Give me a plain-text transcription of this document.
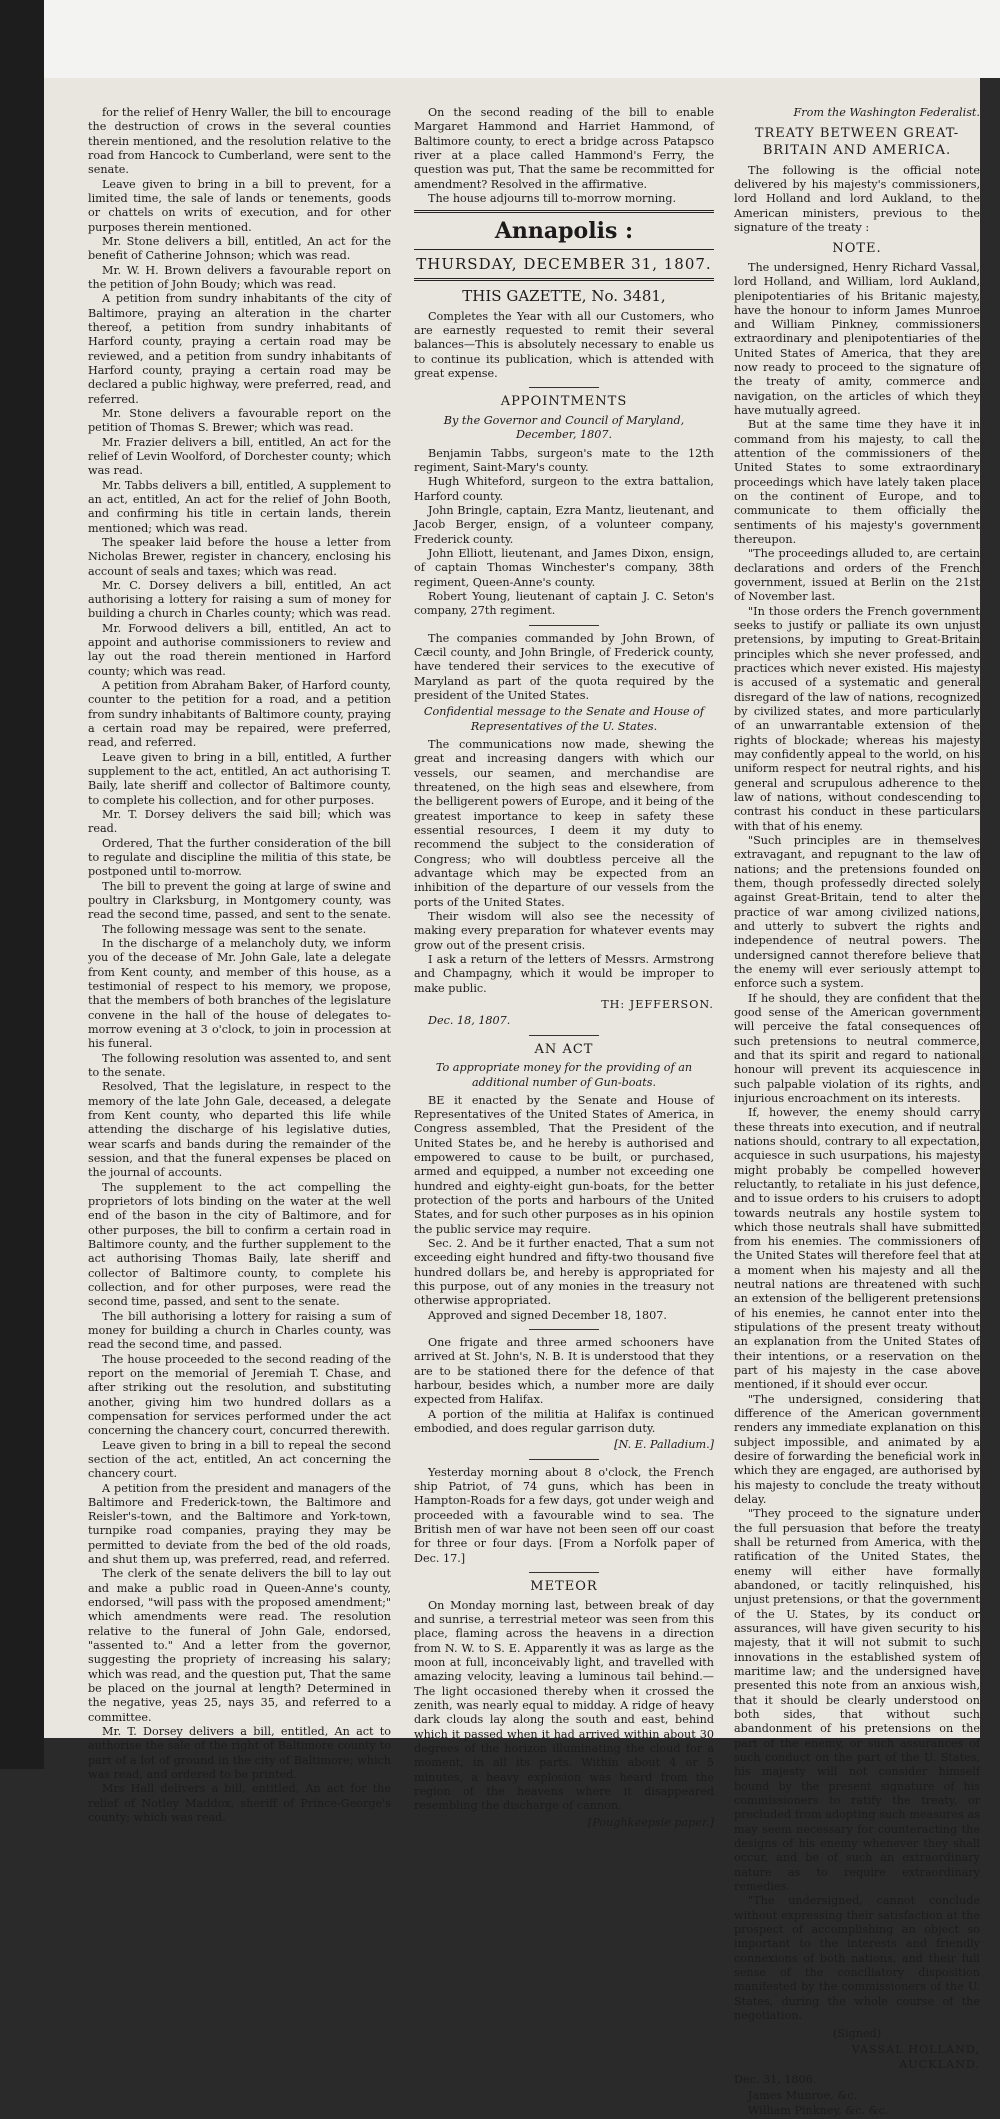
for the relief of Henry Waller, the bill to encourage the destruction of crows in the several counties therein mentioned, and the resolution relative to the road from Hancock to Cumberland, were sent to the senate.

Leave given to bring in a bill to prevent, for a limited time, the sale of lands or tenements, goods or chattels on writs of execution, and for other purposes therein mentioned.

Mr. Stone delivers a bill, entitled, An act for the benefit of Catherine Johnson; which was read.

Mr. W. H. Brown delivers a favourable report on the petition of John Boudy; which was read.

A petition from sundry inhabitants of the city of Baltimore, praying an alteration in the charter thereof, a petition from sundry inhabitants of Harford county, praying a certain road may be reviewed, and a petition from sundry inhabitants of Harford county, praying a certain road may be declared a public highway, were preferred, read, and referred.

Mr. Stone delivers a favourable report on the petition of Thomas S. Brewer; which was read.

Mr. Frazier delivers a bill, entitled, An act for the relief of Levin Woolford, of Dorchester county; which was read.

Mr. Tabbs delivers a bill, entitled, A supplement to an act, entitled, An act for the relief of John Booth, and confirming his title in certain lands, therein mentioned; which was read.

The speaker laid before the house a letter from Nicholas Brewer, register in chancery, enclosing his account of seals and taxes; which was read.

Mr. C. Dorsey delivers a bill, entitled, An act authorising a lottery for raising a sum of money for building a church in Charles county; which was read.

Mr. Forwood delivers a bill, entitled, An act to appoint and authorise commissioners to review and lay out the road therein mentioned in Harford county; which was read.

A petition from Abraham Baker, of Harford county, counter to the petition for a road, and a petition from sundry inhabitants of Baltimore county, praying a certain road may be repaired, were preferred, read, and referred.

Leave given to bring in a bill, entitled, A further supplement to the act, entitled, An act authorising T. Baily, late sheriff and collector of Baltimore county, to complete his collection, and for other purposes.

Mr. T. Dorsey delivers the said bill; which was read.

Ordered, That the further consideration of the bill to regulate and discipline the militia of this state, be postponed until to-morrow.

The bill to prevent the going at large of swine and poultry in Clarksburg, in Montgomery county, was read the second time, passed, and sent to the senate.

The following message was sent to the senate.

In the discharge of a melancholy duty, we inform you of the decease of Mr. John Gale, late a delegate from Kent county, and member of this house, as a testimonial of respect to his memory, we propose, that the members of both branches of the legislature convene in the hall of the house of delegates to-morrow evening at 3 o'clock, to join in procession at his funeral.

The following resolution was assented to, and sent to the senate.

Resolved, That the legislature, in respect to the memory of the late John Gale, deceased, a delegate from Kent county, who departed this life while attending the discharge of his legislative duties, wear scarfs and bands during the remainder of the session, and that the funeral expenses be placed on the journal of accounts.

The supplement to the act compelling the proprietors of lots binding on the water at the well end of the bason in the city of Baltimore, and for other purposes, the bill to confirm a certain road in Baltimore county, and the further supplement to the act authorising Thomas Baily, late sheriff and collector of Baltimore county, to complete his collection, and for other purposes, were read the second time, passed, and sent to the senate.

The bill authorising a lottery for raising a sum of money for building a church in Charles county, was read the second time, and passed.

The house proceeded to the second reading of the report on the memorial of Jeremiah T. Chase, and after striking out the resolution, and substituting another, giving him two hundred dollars as a compensation for services performed under the act concerning the chancery court, concurred therewith.

Leave given to bring in a bill to repeal the second section of the act, entitled, An act concerning the chancery court.

A petition from the president and managers of the Baltimore and Frederick-town, the Baltimore and Reisler's-town, and the Baltimore and York-town, turnpike road companies, praying they may be permitted to deviate from the bed of the old roads, and shut them up, was preferred, read, and referred.

The clerk of the senate delivers the bill to lay out and make a public road in Queen-Anne's county, endorsed, "will pass with the proposed amendment;" which amendments were read. The resolution relative to the funeral of John Gale, endorsed, "assented to." And a letter from the governor, suggesting the propriety of increasing his salary; which was read, and the question put, That the same be placed on the journal at length? Determined in the negative, yeas 25, nays 35, and referred to a committee.

Mr. T. Dorsey delivers a bill, entitled, An act to authorise the sale of the right of Baltimore county to part of a lot of ground in the city of Baltimore; which was read, and ordered to be printed.

Mrs Hall delivers a bill, entitled, An act for the relief of Notley Maddox, sheriff of Prince-George's county; which was read.

On the second reading of the bill to enable Margaret Hammond and Harriet Hammond, of Baltimore county, to erect a bridge across Patapsco river at a place called Hammond's Ferry, the question was put, That the same be recommitted for amendment? Resolved in the affirmative.

The house adjourns till to-morrow morning.

Annapolis :
THURSDAY, DECEMBER 31, 1807.
THIS GAZETTE, No. 3481,

Completes the Year with all our Customers, who are earnestly requested to remit their several balances—This is absolutely necessary to enable us to continue its publication, which is attended with great expense.

APPOINTMENTS
By the Governor and Council of Maryland, December, 1807.

Benjamin Tabbs, surgeon's mate to the 12th regiment, Saint-Mary's county.

Hugh Whiteford, surgeon to the extra battalion, Harford county.

John Bringle, captain, Ezra Mantz, lieutenant, and Jacob Berger, ensign, of a volunteer company, Frederick county.

John Elliott, lieutenant, and James Dixon, ensign, of captain Thomas Winchester's company, 38th regiment, Queen-Anne's county.

Robert Young, lieutenant of captain J. C. Seton's company, 27th regiment.

The companies commanded by John Brown, of Cæcil county, and John Bringle, of Frederick county, have tendered their services to the executive of Maryland as part of the quota required by the president of the United States.

Confidential message to the Senate and House of Representatives of the U. States.

The communications now made, shewing the great and increasing dangers with which our vessels, our seamen, and merchandise are threatened, on the high seas and elsewhere, from the belligerent powers of Europe, and it being of the greatest importance to keep in safety these essential resources, I deem it my duty to recommend the subject to the consideration of Congress; who will doubtless perceive all the advantage which may be expected from an inhibition of the departure of our vessels from the ports of the United States.

Their wisdom will also see the necessity of making every preparation for whatever events may grow out of the present crisis.

I ask a return of the letters of Messrs. Armstrong and Champagny, which it would be improper to make public.

TH: JEFFERSON.

Dec. 18, 1807.

AN ACT
To appropriate money for the providing of an additional number of Gun-boats.

BE it enacted by the Senate and House of Representatives of the United States of America, in Congress assembled, That the President of the United States be, and he hereby is authorised and empowered to cause to be built, or purchased, armed and equipped, a number not exceeding one hundred and eighty-eight gun-boats, for the better protection of the ports and harbours of the United States, and for such other purposes as in his opinion the public service may require.

Sec. 2. And be it further enacted, That a sum not exceeding eight hundred and fifty-two thousand five hundred dollars be, and hereby is appropriated for this purpose, out of any monies in the treasury not otherwise appropriated.

Approved and signed December 18, 1807.

One frigate and three armed schooners have arrived at St. John's, N. B. It is understood that they are to be stationed there for the defence of that harbour, besides which, a number more are daily expected from Halifax.

A portion of the militia at Halifax is continued embodied, and does regular garrison duty.

[N. E. Palladium.]

Yesterday morning about 8 o'clock, the French ship Patriot, of 74 guns, which has been in Hampton-Roads for a few days, got under weigh and proceeded with a favourable wind to sea. The British men of war have not been seen off our coast for three or four days. [From a Norfolk paper of Dec. 17.]

METEOR

On Monday morning last, between break of day and sunrise, a terrestrial meteor was seen from this place, flaming across the heavens in a direction from N. W. to S. E. Apparently it was as large as the moon at full, inconceivably light, and travelled with amazing velocity, leaving a luminous tail behind.—The light occasioned thereby when it crossed the zenith, was nearly equal to midday. A ridge of heavy dark clouds lay along the south and east, behind which it passed when it had arrived within about 30 degrees of the horizon illuminating the cloud for a moment, in all its parts. Within about 4 or 5 minutes, a heavy explosion was heard from the region of the heavens where it disappeared resembling the discharge of cannon.

[Poughkeepsie paper.]
From the Washington Federalist.
TREATY BETWEEN GREAT-BRITAIN AND AMERICA.

The following is the official note delivered by his majesty's commissioners, lord Holland and lord Aukland, to the American ministers, previous to the signature of the treaty :

NOTE.

The undersigned, Henry Richard Vassal, lord Holland, and William, lord Aukland, plenipotentiaries of his Britanic majesty, have the honour to inform James Munroe and William Pinkney, commissioners extraordinary and plenipotentiaries of the United States of America, that they are now ready to proceed to the signature of the treaty of amity, commerce and navigation, on the articles of which they have mutually agreed.

But at the same time they have it in command from his majesty, to call the attention of the commissioners of the United States to some extraordinary proceedings which have lately taken place on the continent of Europe, and to communicate to them officially the sentiments of his majesty's government thereupon.

"The proceedings alluded to, are certain declarations and orders of the French government, issued at Berlin on the 21st of November last.

"In those orders the French government seeks to justify or palliate its own unjust pretensions, by imputing to Great-Britain principles which she never professed, and practices which never existed. His majesty is accused of a systematic and general disregard of the law of nations, recognized by civilized states, and more particularly of an unwarrantable extension of the rights of blockade; whereas his majesty may confidently appeal to the world, on his uniform respect for neutral rights, and his general and scrupulous adherence to the law of nations, without condescending to contrast his conduct in these particulars with that of his enemy.

"Such principles are in themselves extravagant, and repugnant to the law of nations; and the pretensions founded on them, though professedly directed solely against Great-Britain, tend to alter the practice of war among civilized nations, and utterly to subvert the rights and independence of neutral powers. The undersigned cannot therefore believe that the enemy will ever seriously attempt to enforce such a system.

If he should, they are confident that the good sense of the American government will perceive the fatal consequences of such pretensions to neutral commerce, and that its spirit and regard to national honour will prevent its acquiescence in such palpable violation of its rights, and injurious encroachment on its interests.

If, however, the enemy should carry these threats into execution, and if neutral nations should, contrary to all expectation, acquiesce in such usurpations, his majesty might probably be compelled however reluctantly, to retaliate in his just defence, and to issue orders to his cruisers to adopt towards neutrals any hostile system to which those neutrals shall have submitted from his enemies. The commissioners of the United States will therefore feel that at a moment when his majesty and all the neutral nations are threatened with such an extension of the belligerent pretensions of his enemies, he cannot enter into the stipulations of the present treaty without an explanation from the United States of their intentions, or a reservation on the part of his majesty in the case above mentioned, if it should ever occur.

"The undersigned, considering that difference of the American government renders any immediate explanation on this subject impossible, and animated by a desire of forwarding the beneficial work in which they are engaged, are authorised by his majesty to conclude the treaty without delay.

"They proceed to the signature under the full persuasion that before the treaty shall be returned from America, with the ratification of the United States, the enemy will either have formally abandoned, or tacitly relinquished, his unjust pretensions, or that the government of the U. States, by its conduct or assurances, will have given security to his majesty, that it will not submit to such innovations in the established system of maritime law; and the undersigned have presented this note from an anxious wish, that it should be clearly understood on both sides, that without such abandonment of his pretensions on the part of the enemy, or such assurances of such conduct on the part of the U. States, his majesty will not consider himself bound by the present signature of his commissioners to ratify the treaty, or precluded from adopting such measures as may seem necessary for counteracting the designs of his enemy whenever they shall occur, and be of such an extraordinary nature as to require extraordinary remedies.

"The undersigned, cannot conclude without expressing their satisfaction at the prospect of accomplishing an object so important to the interests and friendly connexions of both nations, and their full sense of the conciliatory disposition manifested by the commissioners of the U. States, during the whole course of the negotiation.

(Signed)
VASSAL HOLLAND,
AUCKLAND.
Dec. 31, 1806.
James Munroe, &c.
William Pinkney, &c. &c.
